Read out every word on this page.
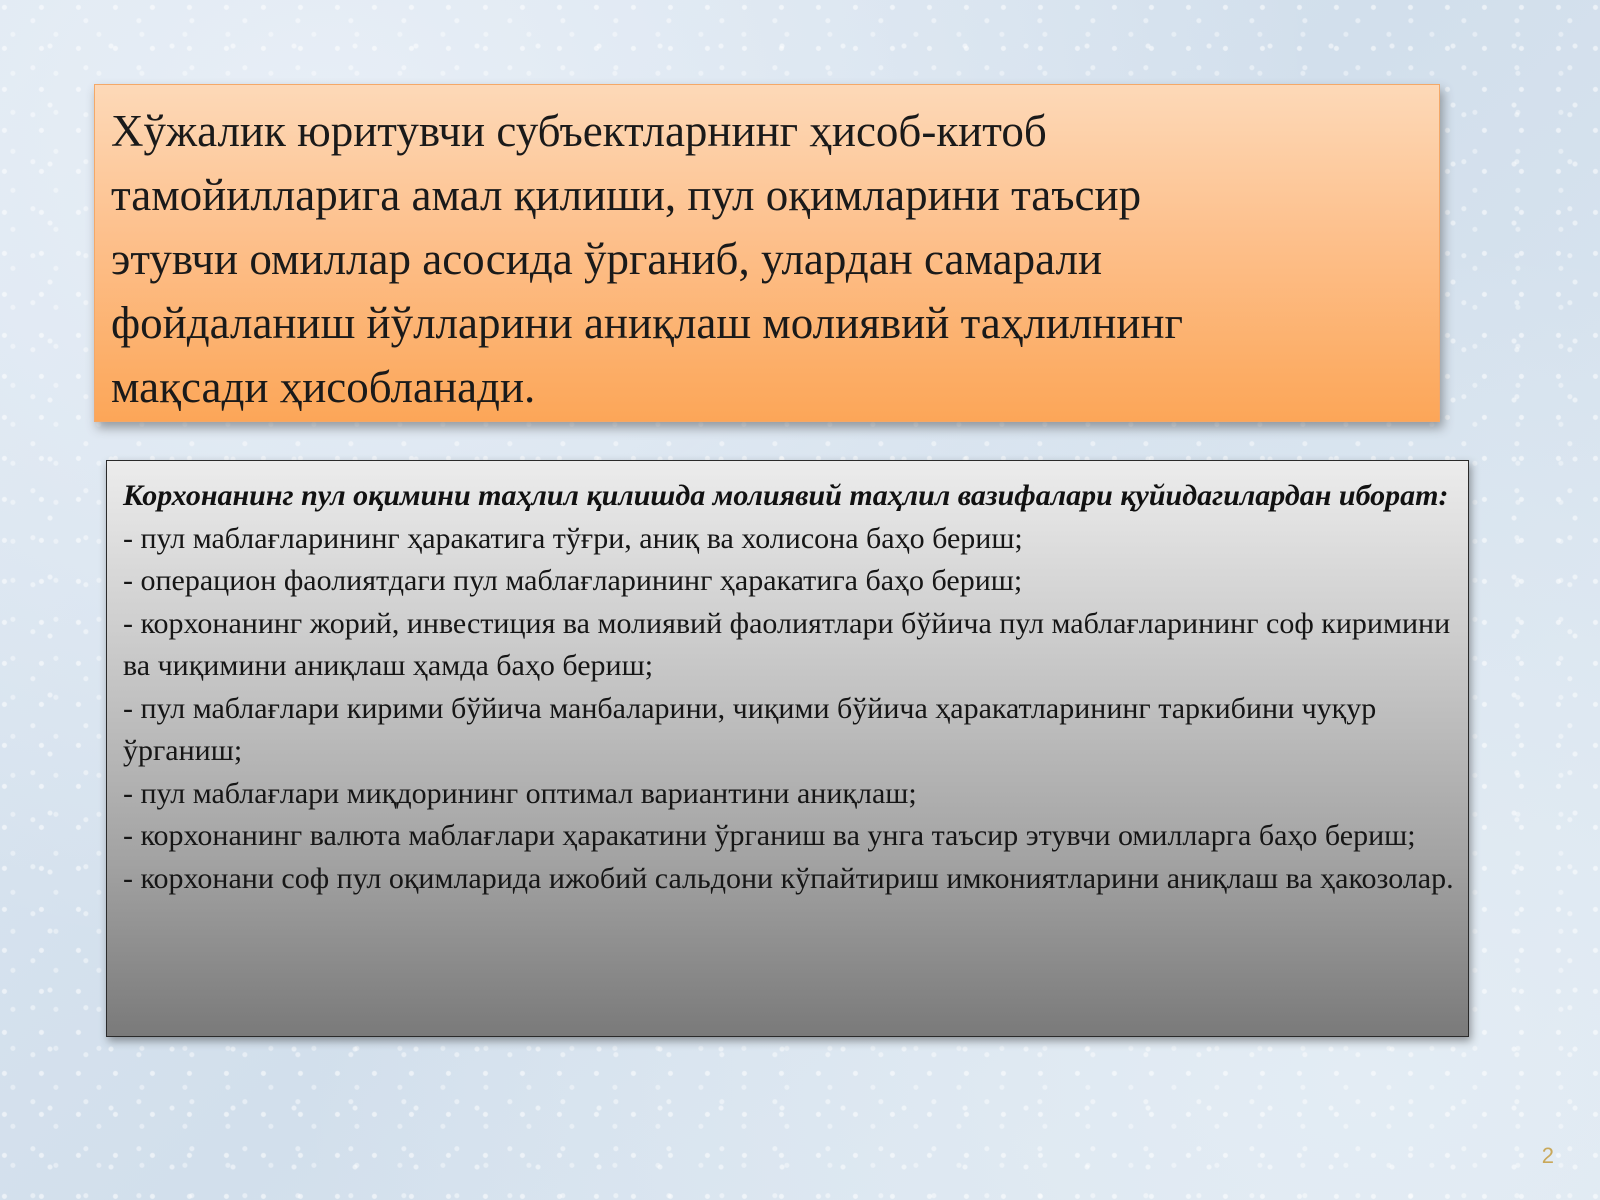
Хўжалик юритувчи субъектларнинг ҳисоб-китоб
тамойилларига амал қилиши, пул оқимларини таъсир
этувчи омиллар асосида ўрганиб, улардан самарали
фойдаланиш йўлларини аниқлаш молиявий таҳлилнинг
мақсади ҳисобланади.

Корхонанинг пул оқимини таҳлил қилишда молиявий таҳлил вазифалари қуйидагилардан иборат:

- пул маблағларининг ҳаракатига тўғри, аниқ ва холисона баҳо бериш;
- операцион фаолиятдаги пул маблағларининг ҳаракатига баҳо бериш;
- корхонанинг жорий, инвестиция ва молиявий фаолиятлари бўйича пул маблағларининг соф киримини ва чиқимини аниқлаш ҳамда баҳо бериш;
- пул маблағлари кирими бўйича манбаларини, чиқими бўйича ҳаракатларининг таркибини чуқур ўрганиш;
- пул маблағлари миқдорининг оптимал вариантини аниқлаш;
- корхонанинг валюта маблағлари ҳаракатини ўрганиш ва унга таъсир этувчи омилларга баҳо бериш;
- корхонани соф пул оқимларида ижобий сальдони кўпайтириш имкониятларини аниқлаш ва ҳакозолар.
2
